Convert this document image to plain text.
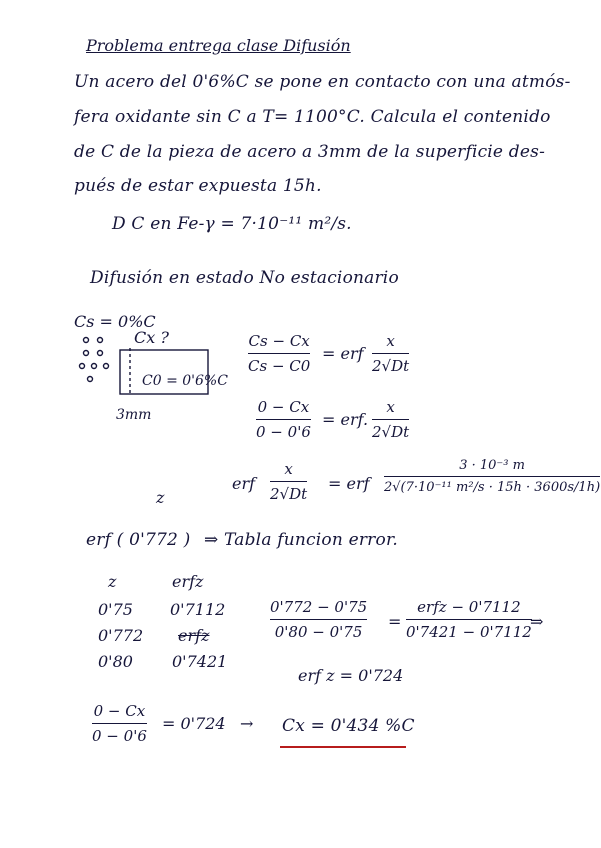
Problema entrega clase Difusión
Un acero del 0'6%C se pone en contacto con una atmós-
fera oxidante sin C a T= 1100°C. Calcula el contenido
de C de la pieza de acero a 3mm de la superficie des-
pués de estar expuesta 15h.
D C en Fe-γ = 7·10⁻¹¹ m²/s.
Difusión en estado No estacionario
Cs = 0%C
Cx ?
C0 = 0'6%C
3mm
Cs − Cx
Cs − C0
= erf
x
2√Dt
0 − Cx
0 − 0'6
= erf.
x
2√Dt
erf
x
2√Dt
= erf
3 · 10⁻³ m
2√(7·10⁻¹¹ m²/s · 15h · 3600s/1h)
z
erf ( 0'772 ) ⇒ Tabla funcion error.
z	erfz
0'75 0'7112
0'772 erfz
0'80 0'7421
0'772 − 0'75
0'80 − 0'75
=
erfz − 0'7112
0'7421 − 0'7112
⇒
erf z = 0'724
0 − Cx
0 − 0'6
= 0'724 → Cx = 0'434 %C
